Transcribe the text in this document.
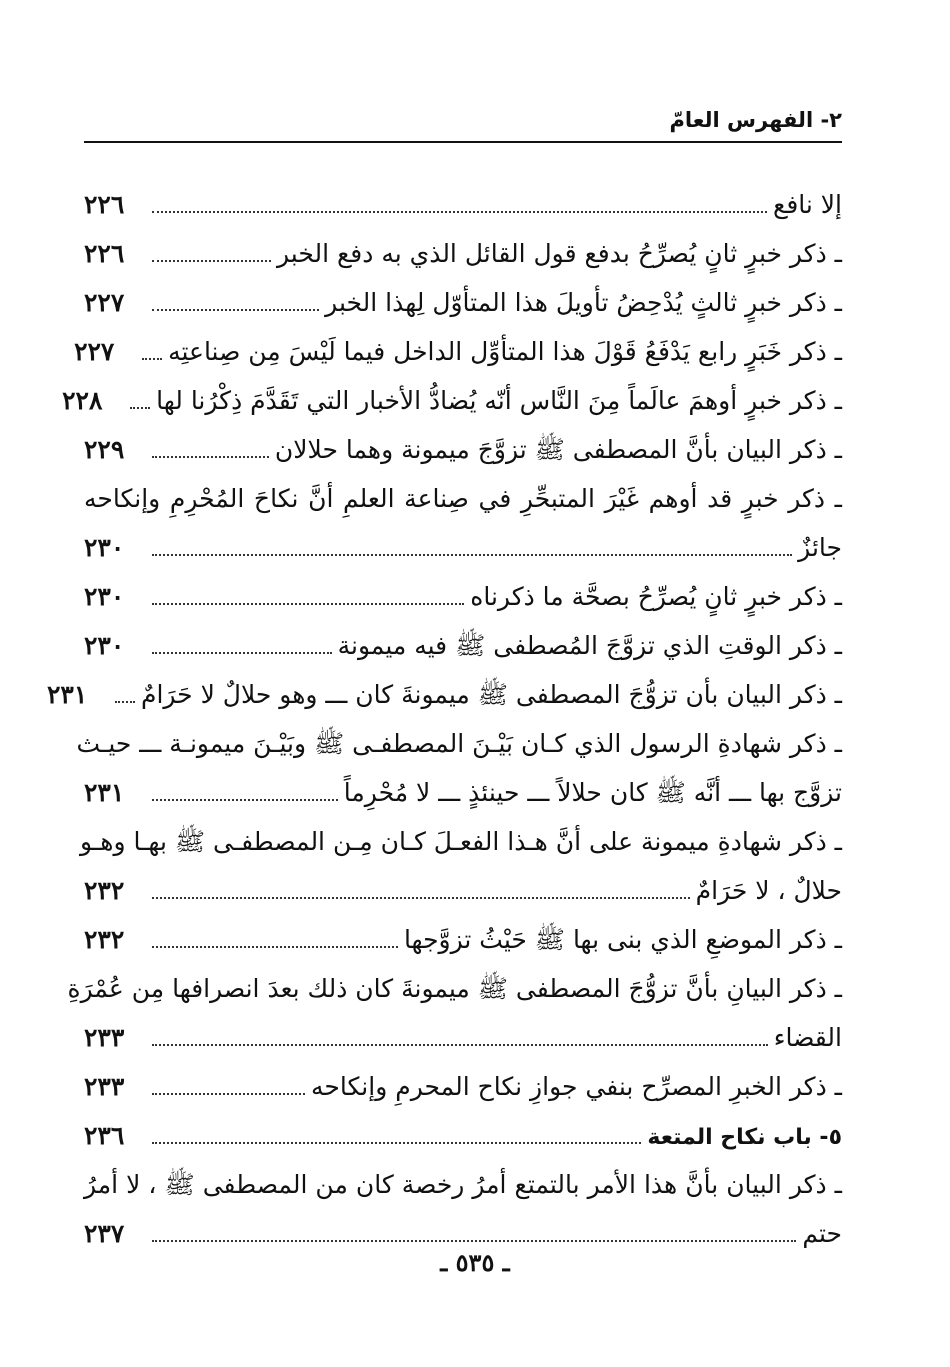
٢- الفهرس العامّ
إلا نافع
٢٢٦
ـ ذكر خبرٍ ثانٍ يُصرِّحُ بدفع قول القائل الذي به دفع الخبر
٢٢٦
ـ ذكر خبرٍ ثالثٍ يُدْحِضُ تأويلَ هذا المتأوّل لِهذا الخبر
٢٢٧
ـ ذكر خَبَرٍ رابع يَدْفَعُ قَوْلَ هذا المتأوِّل الداخل فيما لَيْسَ مِن صِناعتِه
٢٢٧
ـ ذكر خبرٍ أوهمَ عالَماً مِنَ النَّاس أنّه يُضادُّ الأخبار التي تَقَدَّمَ ذِكْرُنا لها
٢٢٨
ـ ذكر البيان بأنَّ المصطفى ﷺ تزوَّجَ ميمونة وهما حلالان
٢٢٩
ـ ذكر خبرٍ قد أوهم غَيْرَ المتبحِّرِ في صِناعة العلمِ أنَّ نكاحَ المُحْرِمِ وإنكاحه
جائزٌ
٢٣٠
ـ ذكر خبرٍ ثانٍ يُصرِّحُ بصحَّة ما ذكرناه
٢٣٠
ـ ذكر الوقتِ الذي تزوَّجَ المُصطفى ﷺ فيه ميمونة
٢٣٠
ـ ذكر البيان بأن تزوُّجَ المصطفى ﷺ ميمونةَ كان ـــ وهو حلالٌ لا حَرَامٌ
٢٣١
ـ ذكر شهادةِ الرسول الذي كـان بَيْـنَ المصطفـى ﷺ وبَيْـنَ ميمونـة ـــ حيـث
تزوَّج بها ـــ أنَّه ﷺ كان حلالاً ـــ حينئذٍ ـــ لا مُحْرِماً
٢٣١
ـ ذكر شهادةِ ميمونة على أنَّ هـذا الفعـلَ كـان مِـن المصطفـى ﷺ بهـا وهـو
حلالٌ ، لا حَرَامٌ
٢٣٢
ـ ذكر الموضعِ الذي بنى بها ﷺ حَيْثُ تزوَّجها
٢٣٢
ـ ذكر البيانِ بأنَّ تزوُّجَ المصطفى ﷺ ميمونةَ كان ذلك بعدَ انصرافها مِن عُمْرَةِ
القضاء
٢٣٣
ـ ذكر الخبرِ المصرِّح بنفي جوازِ نكاح المحرمِ وإنكاحه
٢٣٣
٥- باب نكاح المتعة
٢٣٦
ـ ذكر البيان بأنَّ هذا الأمر بالتمتع أمرُ رخصة كان من المصطفى ﷺ ، لا أمرُ
حتم
٢٣٧
ـ ٥٣٥ ـ
